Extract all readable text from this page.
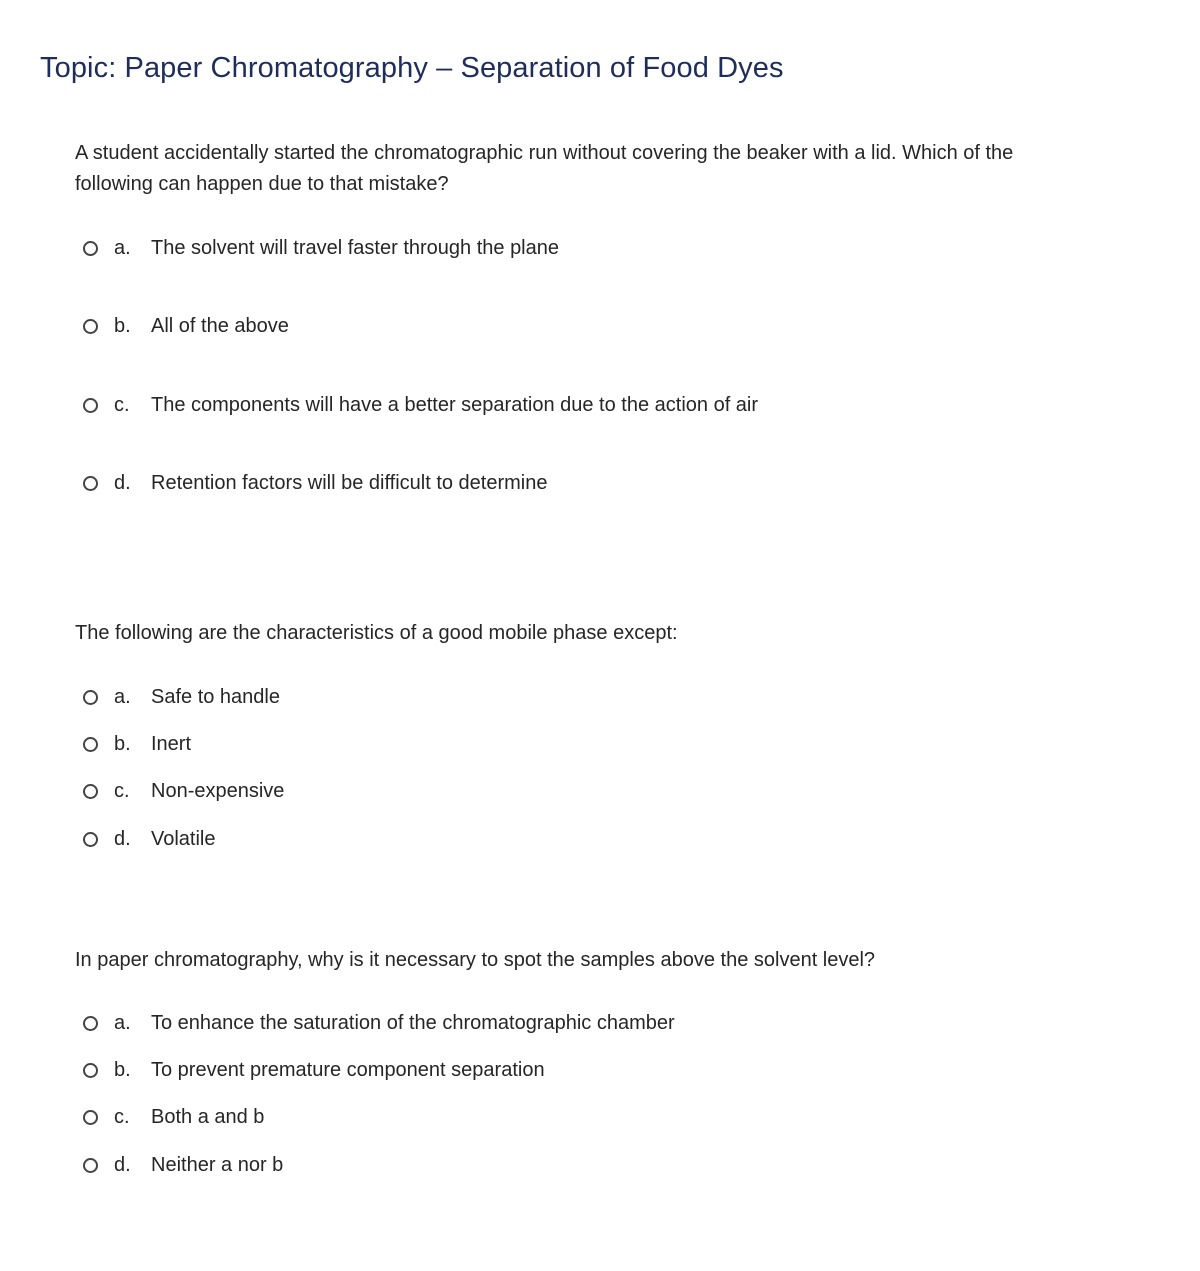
Topic: Paper Chromatography – Separation of Food Dyes

A student accidentally started the chromatographic run without covering the beaker with a lid. Which of the following can happen due to that mistake?

a.	The solvent will travel faster through the plane
b.	All of the above
c.	The components will have a better separation due to the action of air
d.	Retention factors will be difficult to determine

The following are the characteristics of a good mobile phase except:

a.	Safe to handle
b.	Inert
c.	Non-expensive
d.	Volatile

In paper chromatography, why is it necessary to spot the samples above the solvent level?

a.	To enhance the saturation of the chromatographic chamber
b.	To prevent premature component separation
c.	Both a and b
d.	Neither a nor b
